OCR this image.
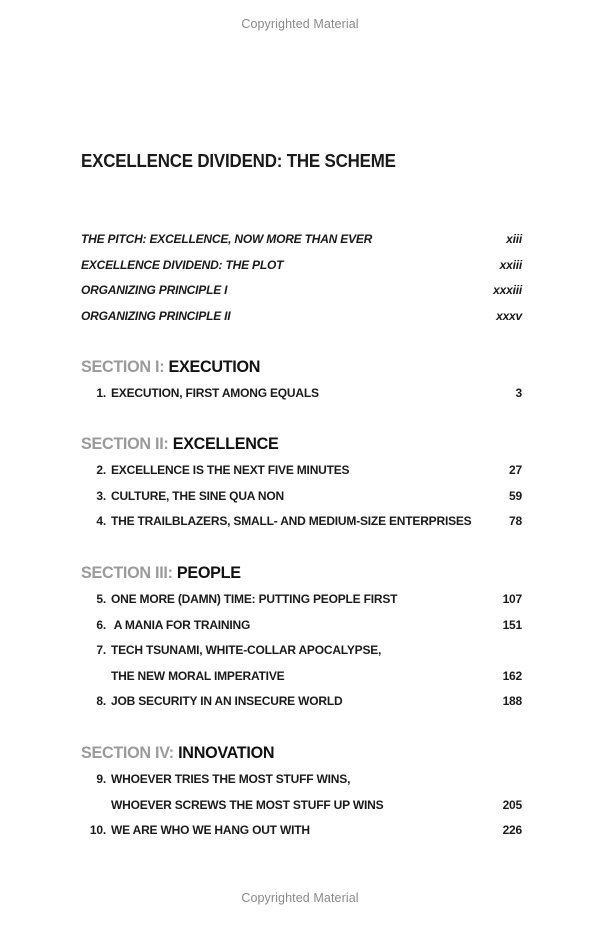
Copyrighted Material
EXCELLENCE DIVIDEND: THE SCHEME
THE PITCH: EXCELLENCE, NOW MORE THAN EVER	xiii
EXCELLENCE DIVIDEND: THE PLOT	xxiii
ORGANIZING PRINCIPLE I	xxxiii
ORGANIZING PRINCIPLE II	xxxv
SECTION I: EXECUTION
1. EXECUTION, FIRST AMONG EQUALS	3
SECTION II: EXCELLENCE
2. EXCELLENCE IS THE NEXT FIVE MINUTES	27
3. CULTURE, THE SINE QUA NON	59
4. THE TRAILBLAZERS, SMALL- AND MEDIUM-SIZE ENTERPRISES	78
SECTION III: PEOPLE
5. ONE MORE (DAMN) TIME: PUTTING PEOPLE FIRST	107
6. A MANIA FOR TRAINING	151
7. TECH TSUNAMI, WHITE-COLLAR APOCALYPSE,
THE NEW MORAL IMPERATIVE	162
8. JOB SECURITY IN AN INSECURE WORLD	188
SECTION IV: INNOVATION
9. WHOEVER TRIES THE MOST STUFF WINS,
WHOEVER SCREWS THE MOST STUFF UP WINS	205
10. WE ARE WHO WE HANG OUT WITH	226
Copyrighted Material
